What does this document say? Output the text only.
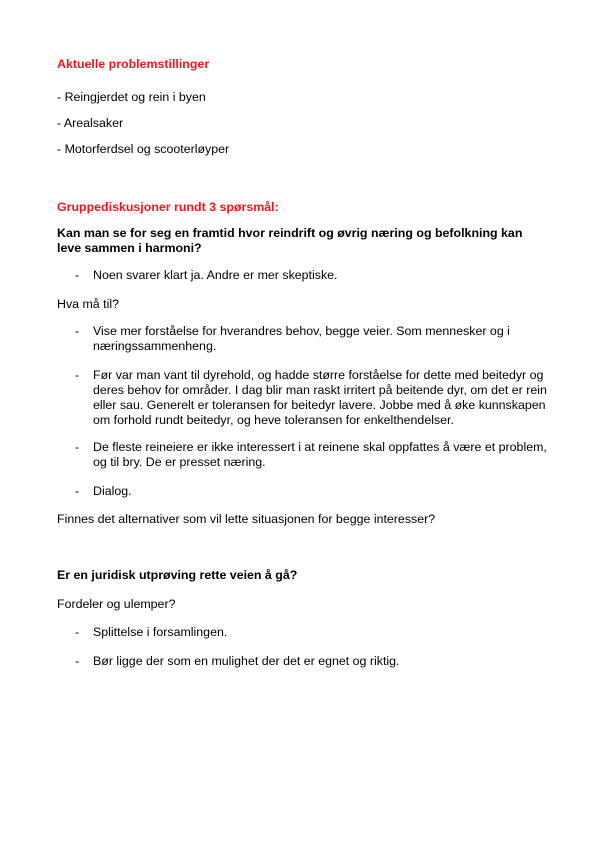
Aktuelle problemstillinger

- Reingjerdet og rein i byen

- Arealsaker

- Motorferdsel og scooterløyper

Gruppediskusjoner rundt 3 spørsmål:

Kan man se for seg en framtid hvor reindrift og øvrig næring og befolkning kan leve sammen i harmoni?

- Noen svarer klart ja. Andre er mer skeptiske.

Hva må til?

- Vise mer forståelse for hverandres behov, begge veier. Som mennesker og i næringssammenheng.
- Før var man vant til dyrehold, og hadde større forståelse for dette med beitedyr og deres behov for områder. I dag blir man raskt irritert på beitende dyr, om det er rein eller sau. Generelt er toleransen for beitedyr lavere. Jobbe med å øke kunnskapen om forhold rundt beitedyr, og heve toleransen for enkelthendelser.
- De fleste reineiere er ikke interessert i at reinene skal oppfattes å være et problem, og til bry. De er presset næring.
- Dialog.

Finnes det alternativer som vil lette situasjonen for begge interesser?

Er en juridisk utprøving rette veien å gå?

Fordeler og ulemper?

- Splittelse i forsamlingen.
- Bør ligge der som en mulighet der det er egnet og riktig.
